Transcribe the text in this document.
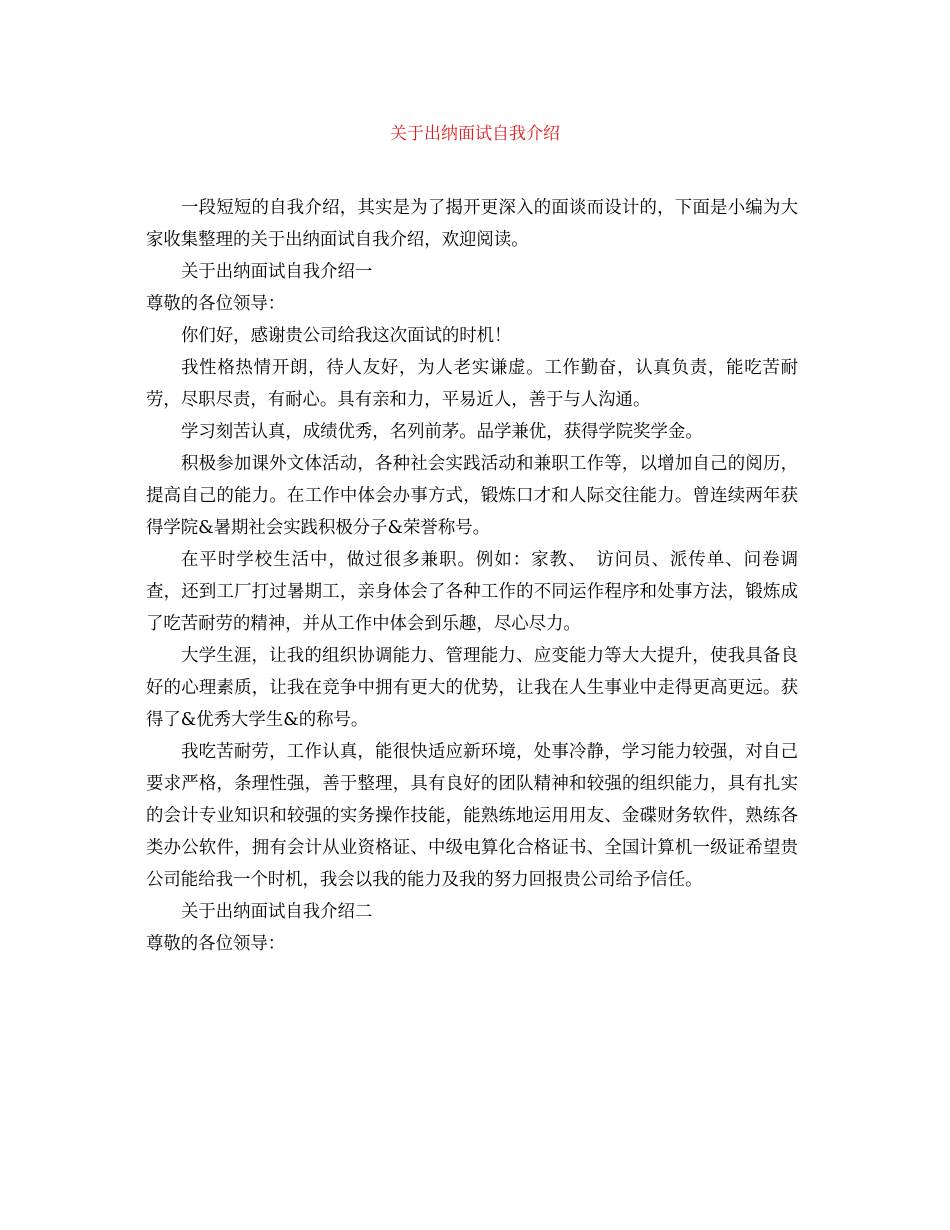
关于出纳面试自我介绍

一段短短的自我介绍，其实是为了揭开更深入的面谈而设计的，下面是小编为大家收集整理的关于出纳面试自我介绍，欢迎阅读。

关于出纳面试自我介绍一

尊敬的各位领导：

你们好，感谢贵公司给我这次面试的时机！

我性格热情开朗，待人友好，为人老实谦虚。工作勤奋，认真负责，能吃苦耐劳，尽职尽责，有耐心。具有亲和力，平易近人，善于与人沟通。

学习刻苦认真，成绩优秀，名列前茅。品学兼优，获得学院奖学金。

积极参加课外文体活动，各种社会实践活动和兼职工作等，以增加自己的阅历，提高自己的能力。在工作中体会办事方式，锻炼口才和人际交往能力。曾连续两年获得学院&暑期社会实践积极分子&荣誉称号。

在平时学校生活中，做过很多兼职。例如：家教、　访问员、派传单、问卷调查，还到工厂打过暑期工，亲身体会了各种工作的不同运作程序和处事方法，锻炼成了吃苦耐劳的精神，并从工作中体会到乐趣，尽心尽力。

大学生涯，让我的组织协调能力、管理能力、应变能力等大大提升，使我具备良好的心理素质，让我在竞争中拥有更大的优势，让我在人生事业中走得更高更远。获得了&优秀大学生&的称号。

我吃苦耐劳，工作认真，能很快适应新环境，处事冷静，学习能力较强，对自己要求严格，条理性强，善于整理，具有良好的团队精神和较强的组织能力，具有扎实的会计专业知识和较强的实务操作技能，能熟练地运用用友、金碟财务软件，熟练各类办公软件，拥有会计从业资格证、中级电算化合格证书、全国计算机一级证希望贵公司能给我一个时机，我会以我的能力及我的努力回报贵公司给予信任。

关于出纳面试自我介绍二

尊敬的各位领导：
